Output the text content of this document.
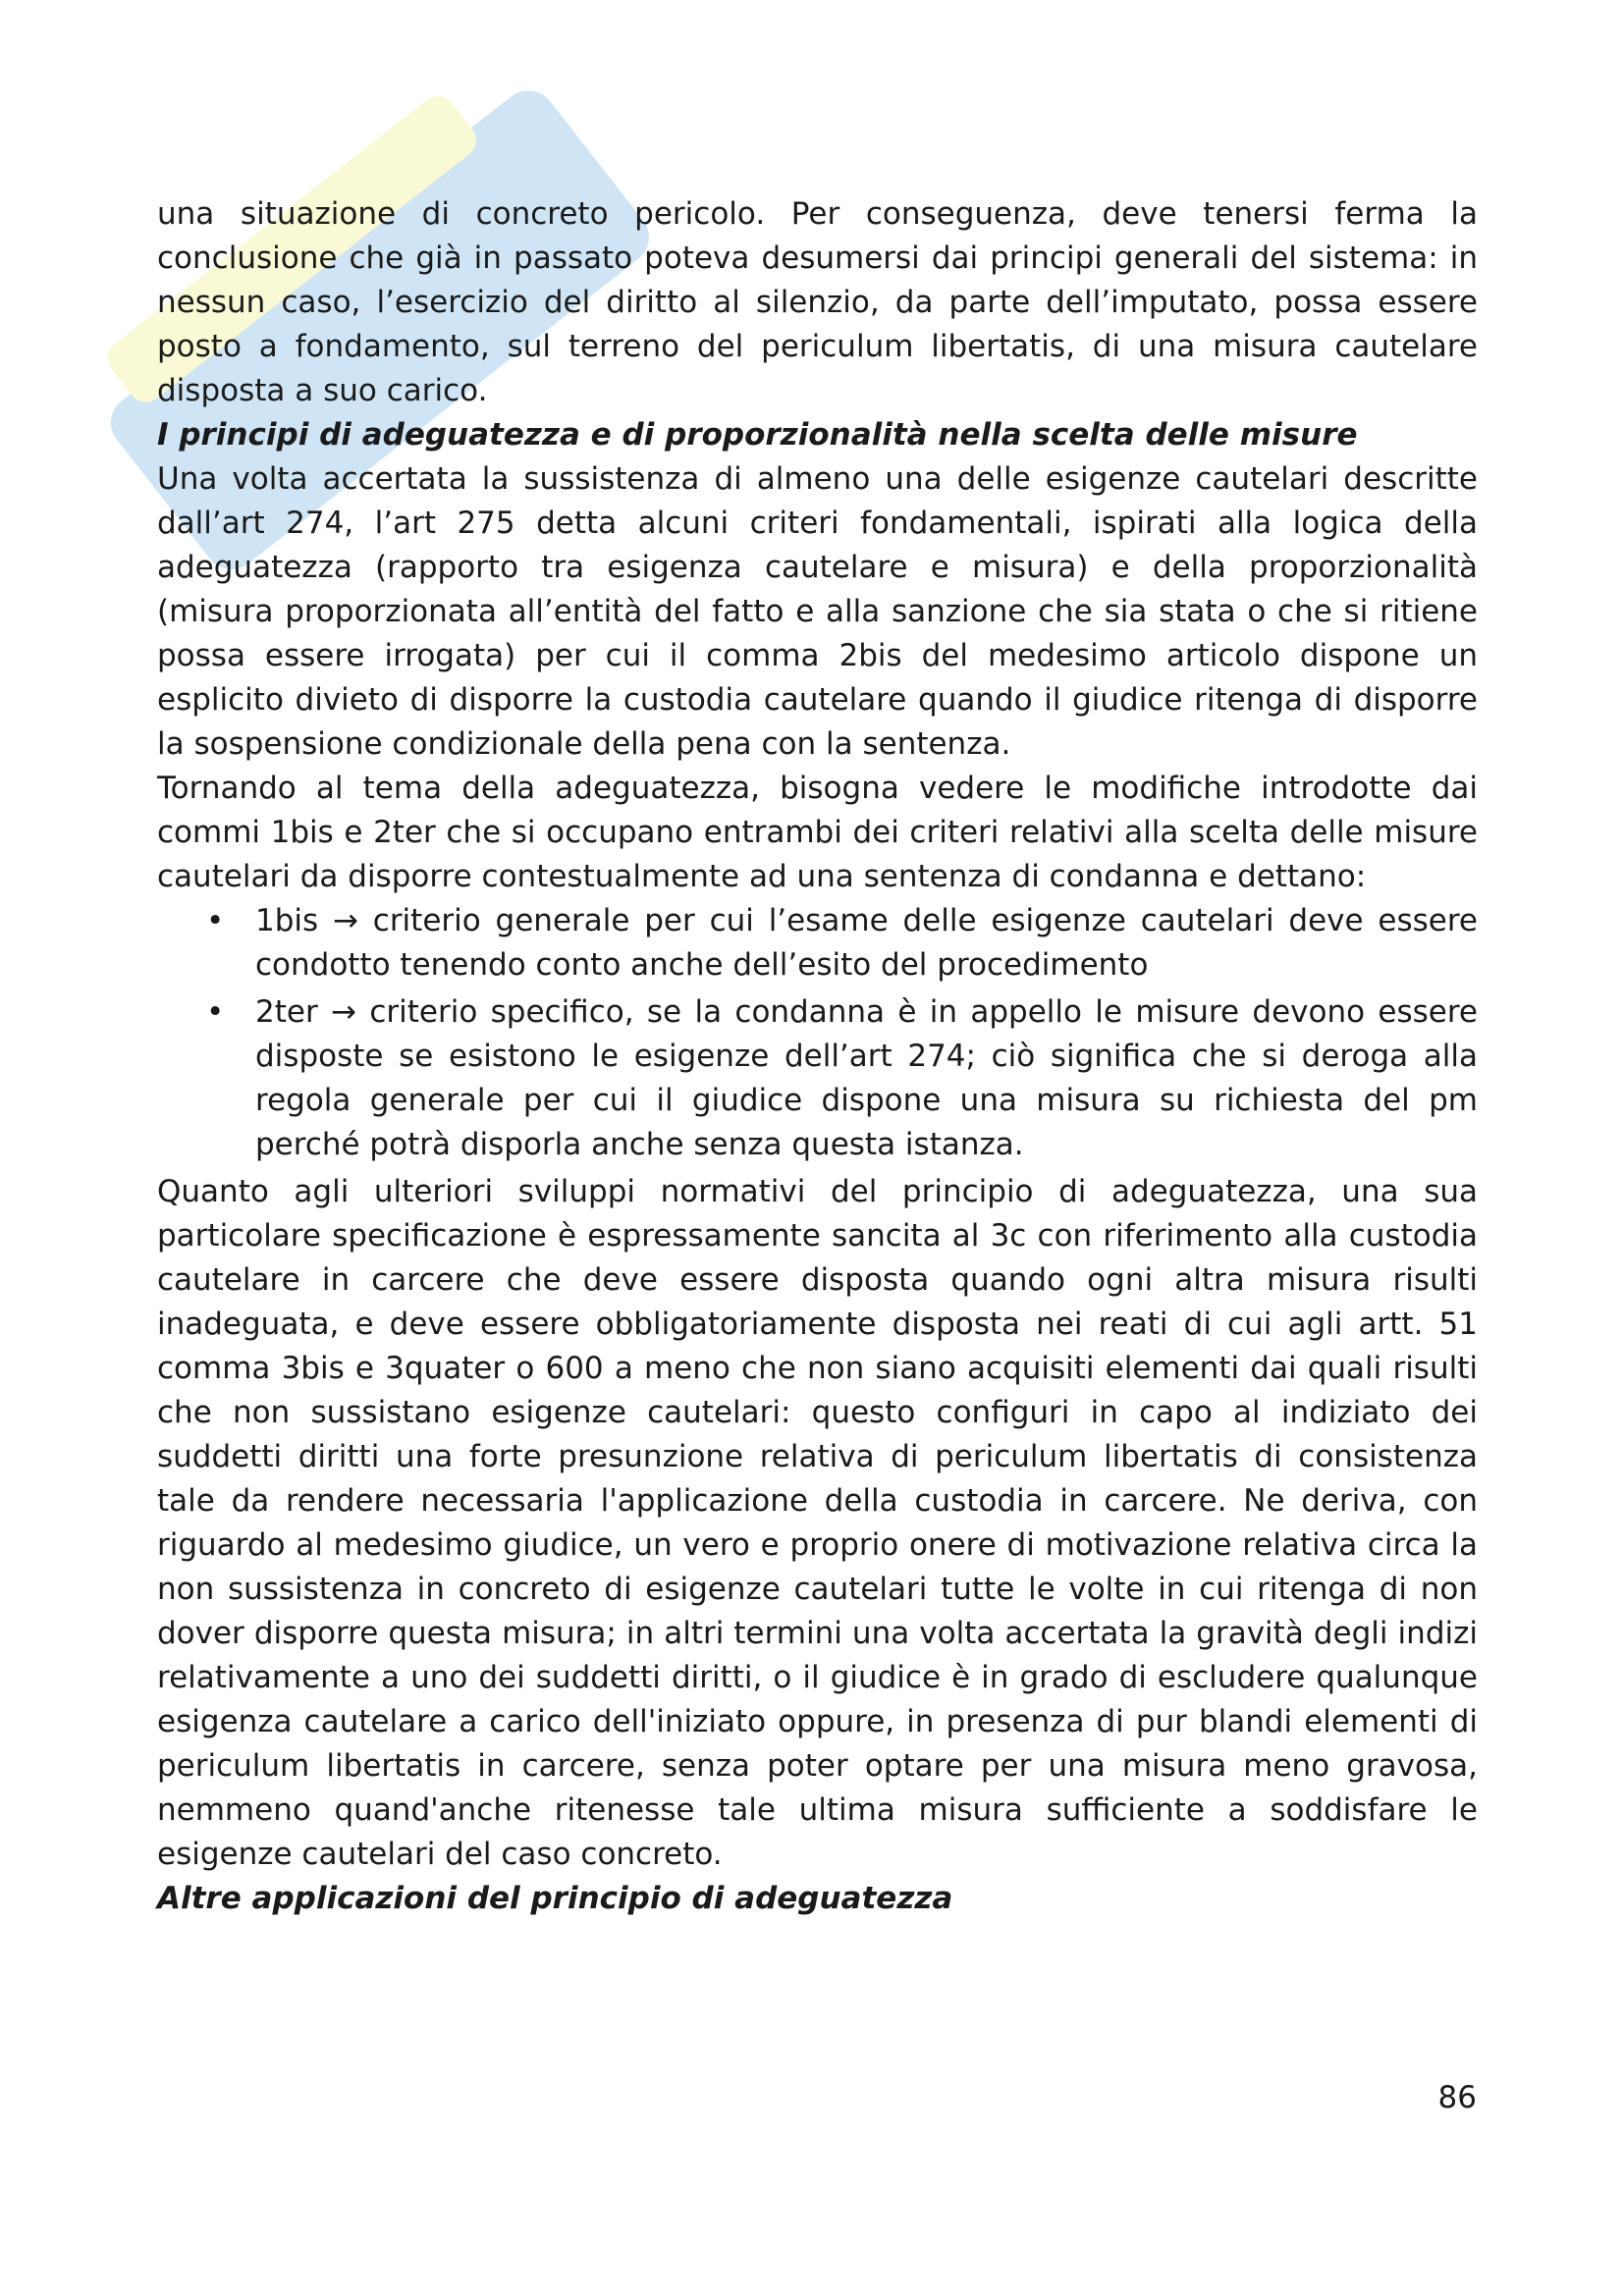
una situazione di concreto pericolo. Per conseguenza, deve tenersi ferma la conclusione che già in passato poteva desumersi dai principi generali del sistema: in nessun caso, l’esercizio del diritto al silenzio, da parte dell’imputato, possa essere posto a fondamento, sul terreno del periculum libertatis, di una misura cautelare disposta a suo carico.

I principi di adeguatezza e di proporzionalità nella scelta delle misure

Una volta accertata la sussistenza di almeno una delle esigenze cautelari descritte dall’art 274, l’art 275 detta alcuni criteri fondamentali, ispirati alla logica della adeguatezza (rapporto tra esigenza cautelare e misura) e della proporzionalità (misura proporzionata all’entità del fatto e alla sanzione che sia stata o che si ritiene possa essere irrogata) per cui il comma 2bis del medesimo articolo dispone un esplicito divieto di disporre la custodia cautelare quando il giudice ritenga di disporre la sospensione condizionale della pena con la sentenza.

Tornando al tema della adeguatezza, bisogna vedere le modifiche introdotte dai commi 1bis e 2ter che si occupano entrambi dei criteri relativi alla scelta delle misure cautelari da disporre contestualmente ad una sentenza di condanna e dettano:

• 1bis → criterio generale per cui l’esame delle esigenze cautelari deve essere condotto tenendo conto anche dell’esito del procedimento
• 2ter → criterio specifico, se la condanna è in appello le misure devono essere disposte se esistono le esigenze dell’art 274; ciò significa che si deroga alla regola generale per cui il giudice dispone una misura su richiesta del pm perché potrà disporla anche senza questa istanza.

Quanto agli ulteriori sviluppi normativi del principio di adeguatezza, una sua particolare specificazione è espressamente sancita al 3c con riferimento alla custodia cautelare in carcere che deve essere disposta quando ogni altra misura risulti inadeguata, e deve essere obbligatoriamente disposta nei reati di cui agli artt. 51 comma 3bis e 3quater o 600 a meno che non siano acquisiti elementi dai quali risulti che non sussistano esigenze cautelari: questo configuri in capo al indiziato dei suddetti diritti una forte presunzione relativa di periculum libertatis di consistenza tale da rendere necessaria l'applicazione della custodia in carcere. Ne deriva, con riguardo al medesimo giudice, un vero e proprio onere di motivazione relativa circa la non sussistenza in concreto di esigenze cautelari tutte le volte in cui ritenga di non dover disporre questa misura; in altri termini una volta accertata la gravità degli indizi relativamente a uno dei suddetti diritti, o il giudice è in grado di escludere qualunque esigenza cautelare a carico dell'iniziato oppure, in presenza di pur blandi elementi di periculum libertatis in carcere, senza poter optare per una misura meno gravosa, nemmeno quand'anche ritenesse tale ultima misura sufficiente a soddisfare le esigenze cautelari del caso concreto.

Altre applicazioni del principio di adeguatezza
86
